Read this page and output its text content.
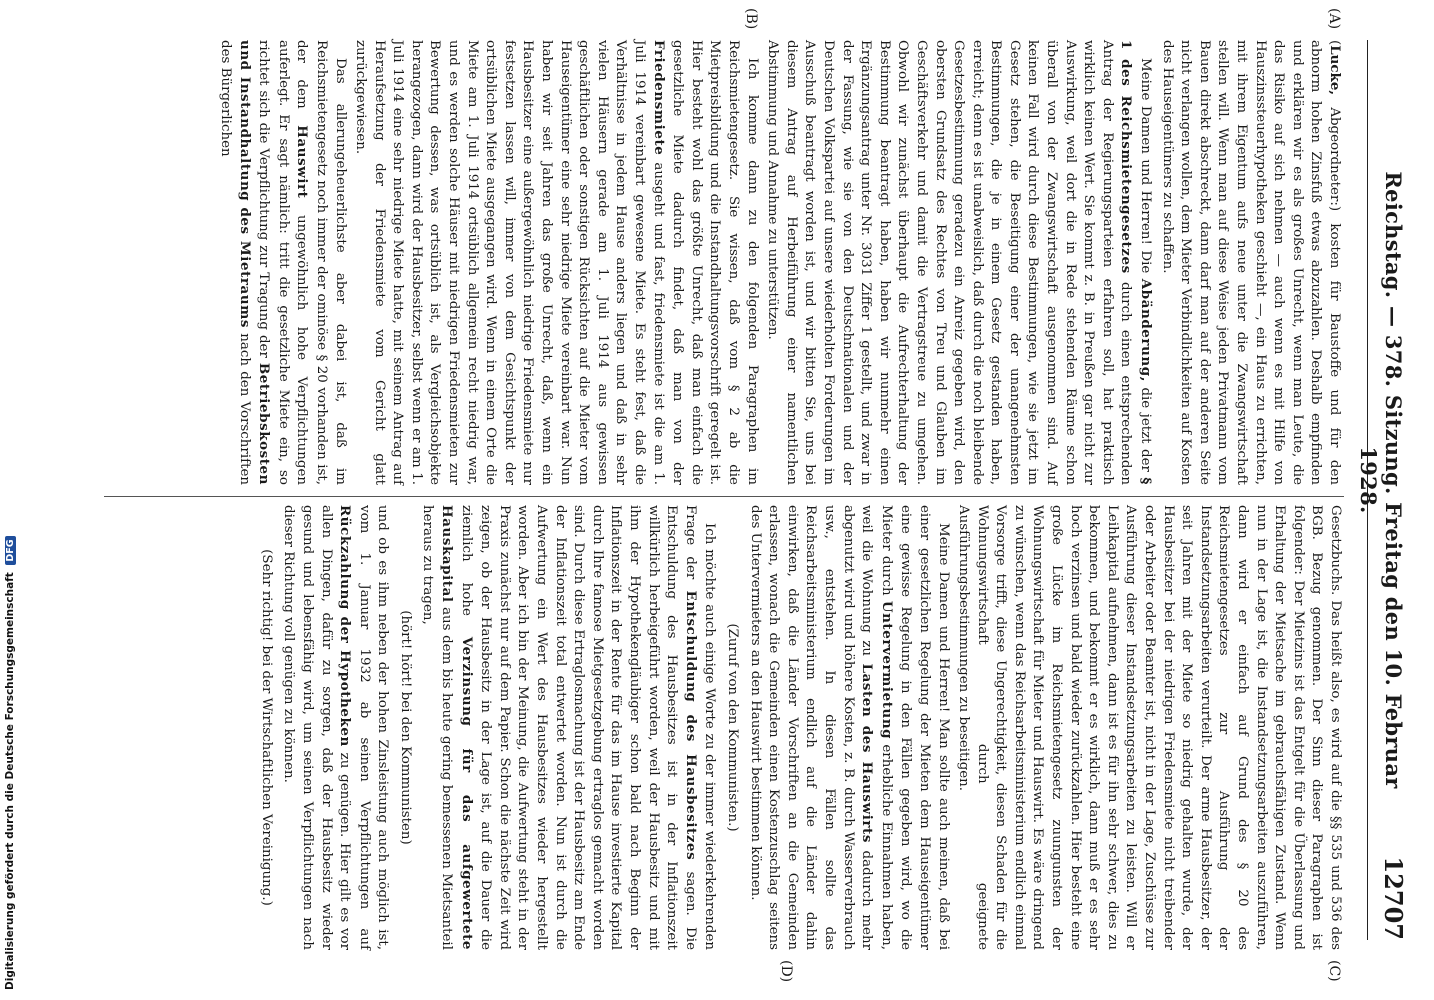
Digitalisierung gefördert durch die Deutsche Forschungsgemeinschaft DFG	Reichstag. — 378. Sitzung. Freitag den 10. Februar 1928.
12707
(A)
(B)
(C)
(D)

(Lucke, Abgeordneter:) kosten für Baustoffe und für den abnorm hohen Zinsfuß etwas abzuzahlen. Deshalb empfinden und erklären wir es als großes Unrecht, wenn man Leute, die das Risiko auf sich nehmen — auch wenn es mit Hilfe von Hauszinssteuerhypotheken geschieht —, ein Haus zu errichten, mit ihrem Eigentum aufs neue unter die Zwangswirtschaft stellen will. Wenn man auf diese Weise jeden Privatmann vom Bauen direkt abschreckt, dann darf man auf der anderen Seite nicht verlangen wollen, dem Mieter Verbindlichkeiten auf Kosten des Hauseigentümers zu schaffen.

Meine Damen und Herren! Die Abänderung, die jetzt der § 1 des Reichsmietengesetzes durch einen entsprechenden Antrag der Regierungsparteien erfahren soll, hat praktisch wirklich keinen Wert. Sie kommt z. B. in Preußen gar nicht zur Auswirkung, weil dort die in Rede stehenden Räume schon überall von der Zwangswirtschaft ausgenommen sind. Auf keinen Fall wird durch diese Bestimmungen, wie sie jetzt im Gesetz stehen, die Beseitigung einer der unangenehmsten Bestimmungen, die je in einem Gesetz gestanden haben, erreicht; denn es ist unabweislich, daß durch die noch bleibende Gesetzesbestimmung geradezu ein Anreiz gegeben wird, den obersten Grundsatz des Rechtes von Treu und Glauben im Geschäftsverkehr und damit die Vertragstreue zu umgehen. Obwohl wir zunächst überhaupt die Aufrechterhaltung der Bestimmung beantragt haben, haben wir nunmehr einen Ergänzungsantrag unter Nr. 3031 Ziffer 1 gestellt, und zwar in der Fassung, wie sie von den Deutschnationalen und der Deutschen Volkspartei auf unsere wiederholten Forderungen im Ausschuß beantragt worden ist, und wir bitten Sie, uns bei diesem Antrag auf Herbeiführung einer namentlichen Abstimmung und Annahme zu unterstützen.

Ich komme dann zu den folgenden Paragraphen im Reichsmietengesetz. Sie wissen, daß vom § 2 ab die Mietpreisbildung und die Instandhaltungsvorschrift geregelt ist. Hier besteht wohl das größte Unrecht, daß man einfach die gesetzliche Miete dadurch findet, daß man von der Friedensmiete ausgeht und fast, friedensmiete ist die am 1. Juli 1914 vereinbart gewesene Miete. Es steht fest, daß die Verhältnisse in jedem Hause anders liegen und daß in sehr vielen Häusern gerade am 1. Juli 1914 aus gewissen geschäftlichen oder sonstigen Rücksichten auf die Mieter vom Hauseigentümer eine sehr niedrige Miete vereinbart war. Nun haben wir seit Jahren das große Unrecht, daß, wenn ein Hausbesitzer eine außergewöhnlich niedrige Friedensmiete nur festsetzen lassen will, immer von dem Gesichtspunkt der ortsüblichen Miete ausgegangen wird. Wenn in einem Orte die Miete am 1. Juli 1914 ortsüblich allgemein recht niedrig war, und es werden solche Häuser mit niedrigen Friedensmieten zur Bewertung dessen, was ortsüblich ist, als Vergleichsobjekte herangezogen, dann wird der Hausbesitzer, selbst wenn er am 1. Juli 1914 eine sehr niedrige Miete hatte, mit seinem Antrag auf Heraufsetzung der Friedensmiete vom Gericht glatt zurückgewiesen.

Das allerungeheuerlichste aber dabei ist, daß im Reichsmietengesetz noch immer der ominöse § 20 vorhanden ist, der dem Hauswirt ungewöhnlich hohe Verpflichtungen auferlegt. Er sagt nämlich: tritt die gesetzliche Miete ein, so richtet sich die Verpflichtung zur Tragung der Betriebskosten und Instandhaltung des Mietraums nach den Vorschriften des Bürgerlichen

Gesetzbuchs. Das heißt also, es wird auf die §§ 535 und 536 des BGB. Bezug genommen. Der Sinn dieser Paragraphen ist folgender: Der Mietzins ist das Entgelt für die Überlassung und Erhaltung der Mietsache im gebrauchsfähigen Zustand. Wenn nun in der Lage ist, die Instandsetzungsarbeiten auszuführen, dann wird er einfach auf Grund des § 20 des Reichsmietengesetzes zur Ausführung der Instandsetzungsarbeiten verurteilt. Der arme Hausbesitzer, der seit Jahren mit der Miete so niedrig gehalten wurde, der Hausbesitzer bei der niedrigen Friedensmiete nicht treibender oder Arbeiter oder Beamter ist, nicht in der Lage, Zuschüsse zur Ausführung dieser Instandsetzungsarbeiten zu leisten. Will er Leihkapital aufnehmen, dann ist es für ihn sehr schwer, dies zu bekommen, und bekommt er es wirklich, dann muß er es sehr hoch verzinsen und bald wieder zurückzahlen. Hier besteht eine große Lücke im Reichsmietengesetz zuungunsten der Wohnungswirtschaft für Mieter und Hauswirt. Es wäre dringend zu wünschen, wenn das Reichsarbeitsministerium endlich einmal Vorsorge trifft, diese Ungerechtigkeit, diesen Schaden für die Wohnungswirtschaft durch geeignete Ausführungsbestimmungen zu beseitigen.

Meine Damen und Herren! Man sollte auch meinen, daß bei einer gesetzlichen Regelung der Mieten dem Hauseigentümer eine gewisse Regelung in den Fällen gegeben wird, wo die Mieter durch Untervermietung erhebliche Einnahmen haben, weil die Wohnung zu Lasten des Hauswirts dadurch mehr abgenutzt wird und höhere Kosten, z. B. durch Wasserverbrauch usw., entstehen. In diesen Fällen sollte das Reichsarbeitsministerium endlich auf die Länder dahin einwirken, daß die Länder Vorschriften an die Gemeinden erlassen, wonach die Gemeinden einen Kostenzuschlag seitens des Untervermieters an den Hauswirt bestimmen können.

(Zuruf von den Kommunisten.)

Ich möchte auch einige Worte zu der immer wiederkehrenden Frage der Entschuldung des Hausbesitzes sagen. Die Entschuldung des Hausbesitzes ist in der Inflationszeit willkürlich herbeigeführt worden, weil der Hausbesitz und mit ihm der Hypothekengläubiger schon bald nach Beginn der Inflationszeit in der Rente für das im Hause investierte Kapital durch Ihre famose Mietgesetzgebung ertraglos gemacht worden sind. Durch diese Ertraglosmachung ist der Hausbesitz am Ende der Inflationszeit total entwertet worden. Nun ist durch die Aufwertung ein Wert des Hausbesitzes wieder hergestellt worden. Aber ich bin der Meinung, die Aufwertung steht in der Praxis zunächst nur auf dem Papier. Schon die nächste Zeit wird zeigen, ob der Hausbesitz in der Lage ist, auf die Dauer die ziemlich hohe Verzinsung für das aufgewertete Hauskapital aus dem bis heute gering bemessenen Mietsanteil heraus zu tragen,

(hört! hört! bei den Kommunisten)

und ob es ihm neben der hohen Zinsleistung auch möglich ist, vom 1. Januar 1932 ab seinen Verpflichtungen auf Rückzahlung der Hypotheken zu genügen. Hier gilt es vor allen Dingen, dafür zu sorgen, daß der Hausbesitz wieder gesund und lebensfähig wird, um seinen Verpflichtungen nach dieser Richtung voll genügen zu können.

(Sehr richtig! bei der Wirtschaftlichen Vereinigung.)
